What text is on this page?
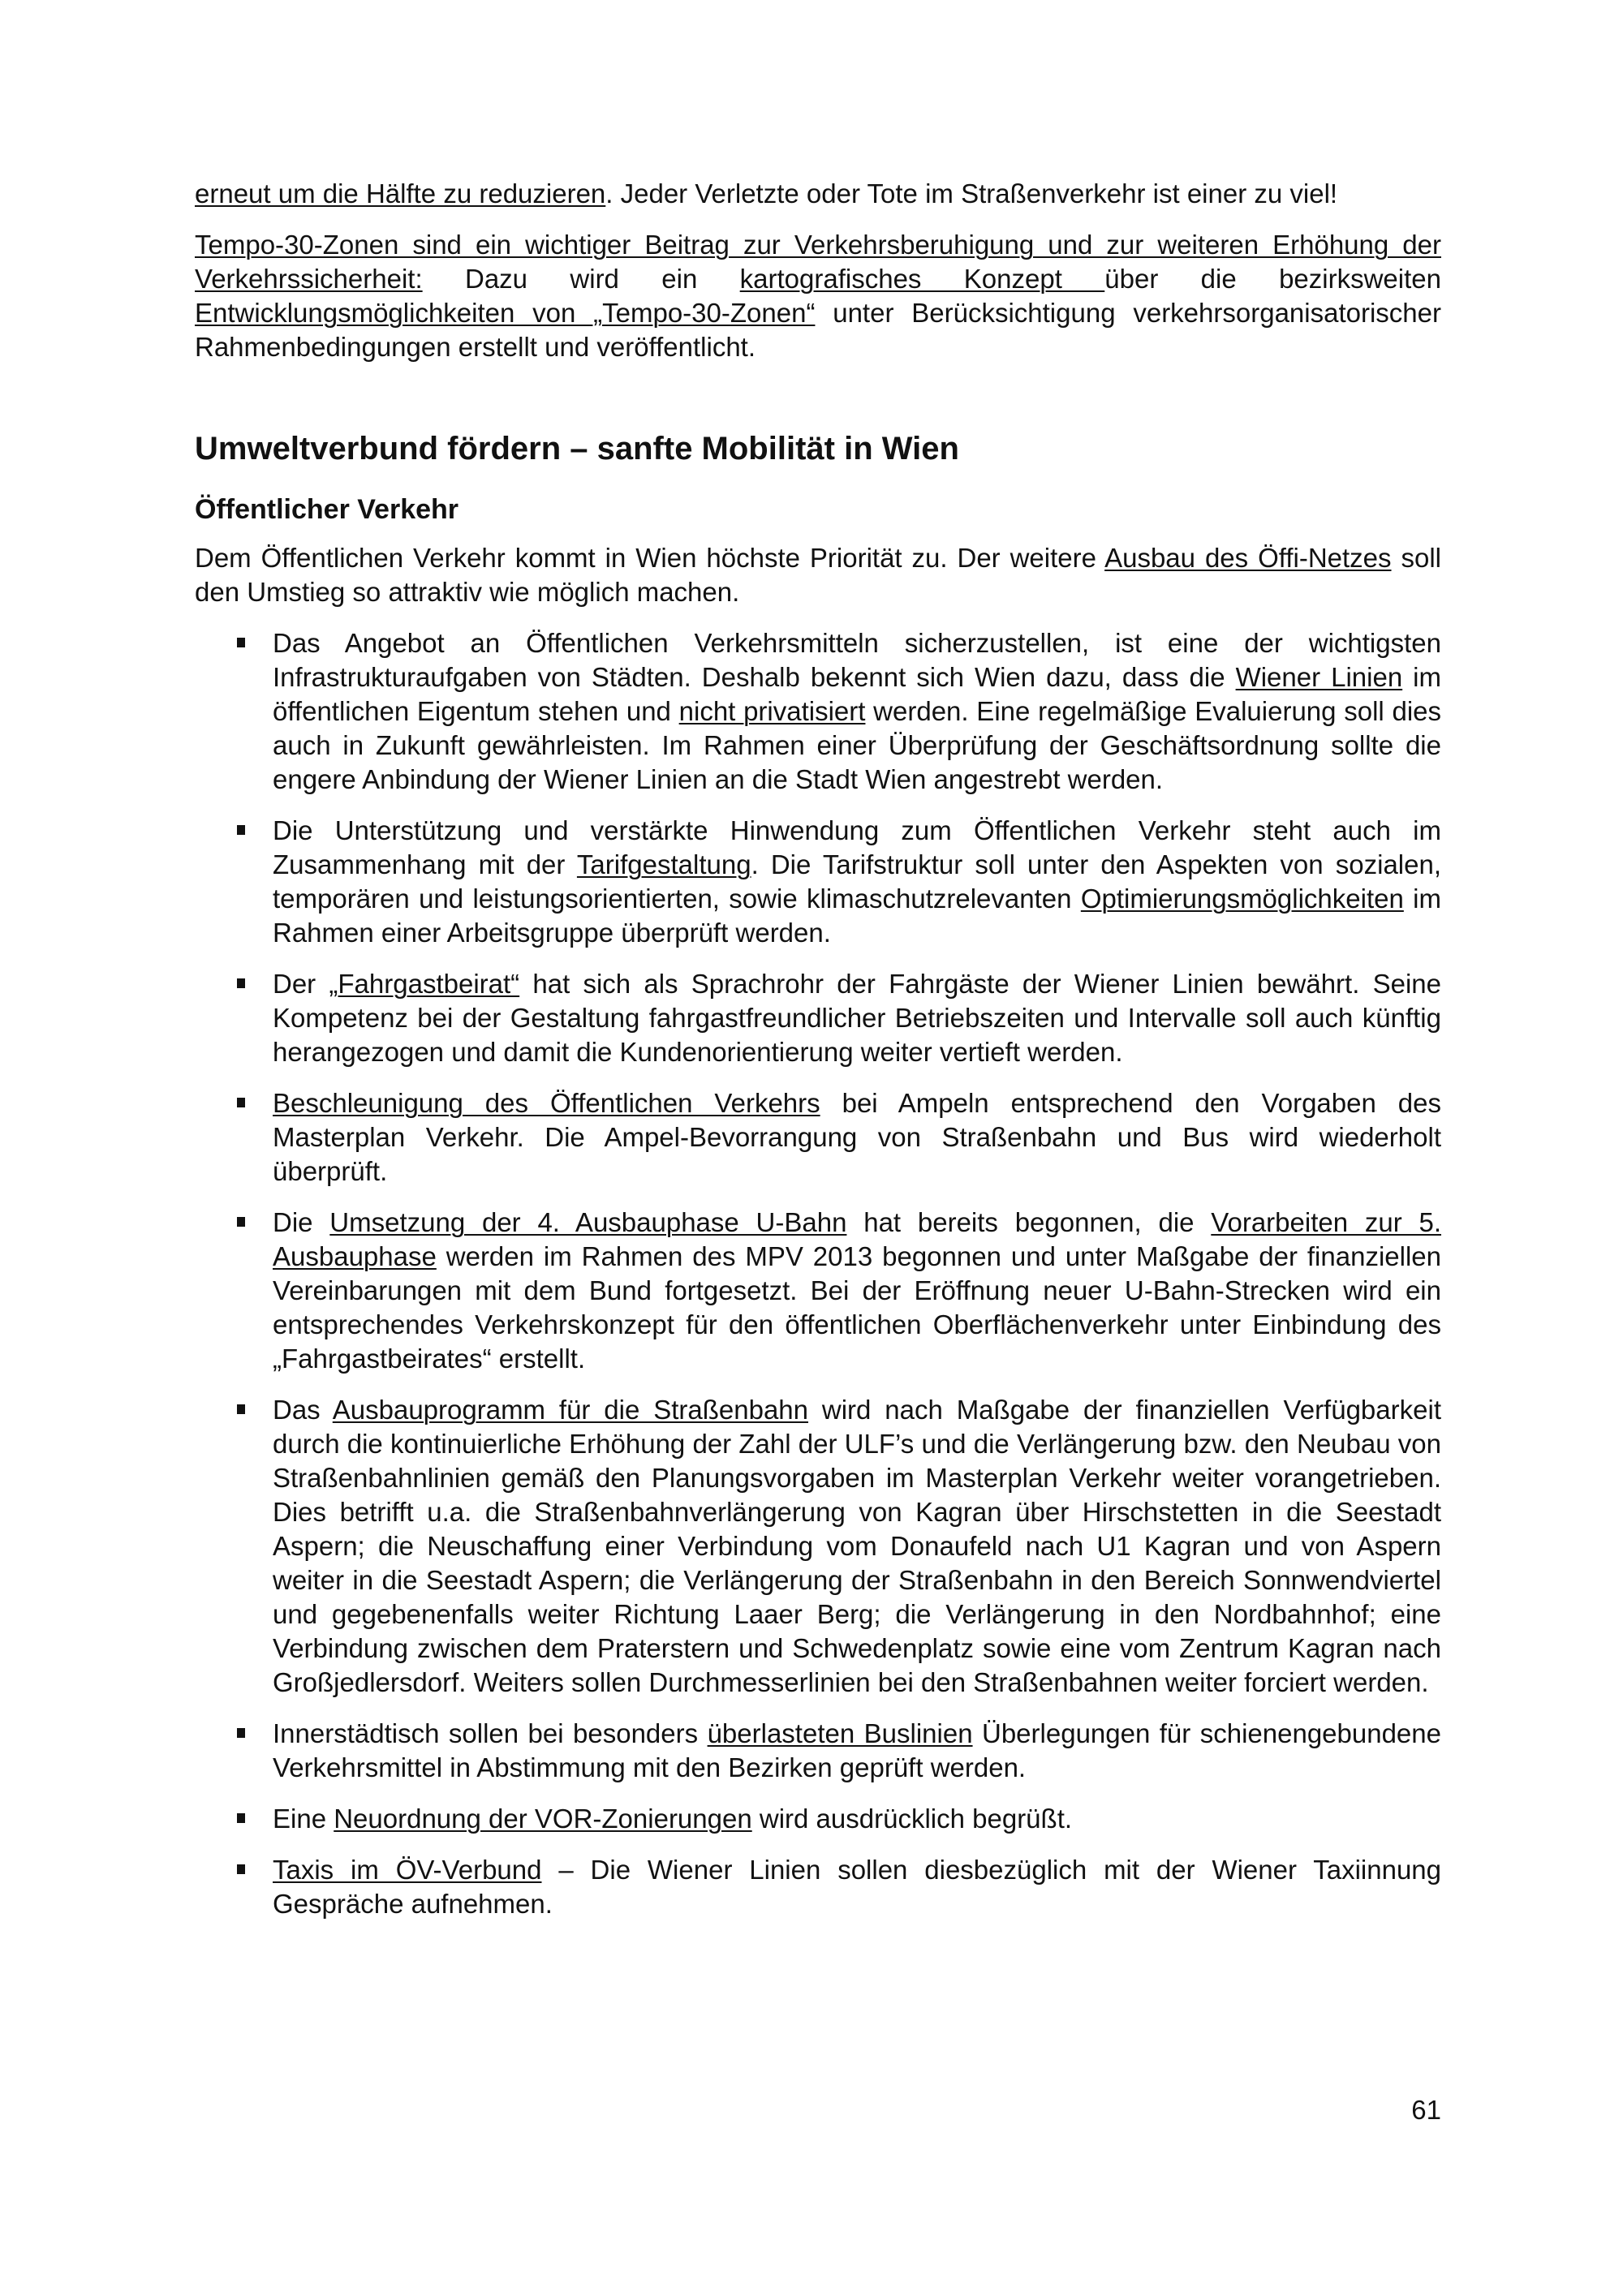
erneut um die Hälfte zu reduzieren. Jeder Verletzte oder Tote im Straßenverkehr ist einer zu viel!

Tempo-30-Zonen sind ein wichtiger Beitrag zur Verkehrsberuhigung und zur weiteren Erhöhung der Verkehrssicherheit: Dazu wird ein kartografisches Konzept über die bezirksweiten Entwicklungsmöglichkeiten von „Tempo-30-Zonen“ unter Berücksichtigung verkehrsorganisatorischer Rahmenbedingungen erstellt und veröffentlicht.

Umweltverbund fördern – sanfte Mobilität in Wien
Öffentlicher Verkehr

Dem Öffentlichen Verkehr kommt in Wien höchste Priorität zu. Der weitere Ausbau des Öffi-Netzes soll den Umstieg so attraktiv wie möglich machen.

Das Angebot an Öffentlichen Verkehrsmitteln sicherzustellen, ist eine der wichtigsten Infrastrukturaufgaben von Städten. Deshalb bekennt sich Wien dazu, dass die Wiener Linien im öffentlichen Eigentum stehen und nicht privatisiert werden. Eine regelmäßige Evaluierung soll dies auch in Zukunft gewährleisten. Im Rahmen einer Überprüfung der Geschäftsordnung sollte die engere Anbindung der Wiener Linien an die Stadt Wien angestrebt werden.
Die Unterstützung und verstärkte Hinwendung zum Öffentlichen Verkehr steht auch im Zusammenhang mit der Tarifgestaltung. Die Tarifstruktur soll unter den Aspekten von sozialen, temporären und leistungsorientierten, sowie klimaschutzrelevanten Optimierungsmöglichkeiten im Rahmen einer Arbeitsgruppe überprüft werden.
Der „Fahrgastbeirat“ hat sich als Sprachrohr der Fahrgäste der Wiener Linien bewährt. Seine Kompetenz bei der Gestaltung fahrgastfreundlicher Betriebszeiten und Intervalle soll auch künftig herangezogen und damit die Kundenorientierung weiter vertieft werden.
Beschleunigung des Öffentlichen Verkehrs bei Ampeln entsprechend den Vorgaben des Masterplan Verkehr. Die Ampel-Bevorrangung von Straßenbahn und Bus wird wiederholt überprüft.
Die Umsetzung der 4. Ausbauphase U-Bahn hat bereits begonnen, die Vorarbeiten zur 5. Ausbauphase werden im Rahmen des MPV 2013 begonnen und unter Maßgabe der finanziellen Vereinbarungen mit dem Bund fortgesetzt. Bei der Eröffnung neuer U-Bahn-Strecken wird ein entsprechendes Verkehrskonzept für den öffentlichen Oberflächenverkehr unter Einbindung des „Fahrgastbeirates“ erstellt.
Das Ausbauprogramm für die Straßenbahn wird nach Maßgabe der finanziellen Verfügbarkeit durch die kontinuierliche Erhöhung der Zahl der ULF’s und die Verlängerung bzw. den Neubau von Straßenbahnlinien gemäß den Planungsvorgaben im Masterplan Verkehr weiter vorangetrieben. Dies betrifft u.a. die Straßenbahnverlängerung von Kagran über Hirschstetten in die Seestadt Aspern; die Neuschaffung einer Verbindung vom Donaufeld nach U1 Kagran und von Aspern weiter in die Seestadt Aspern; die Verlängerung der Straßenbahn in den Bereich Sonnwendviertel und gegebenenfalls weiter Richtung Laaer Berg; die Verlängerung in den Nordbahnhof; eine Verbindung zwischen dem Praterstern und Schwedenplatz sowie eine vom Zentrum Kagran nach Großjedlersdorf. Weiters sollen Durchmesserlinien bei den Straßenbahnen weiter forciert werden.
Innerstädtisch sollen bei besonders überlasteten Buslinien Überlegungen für schienengebundene Verkehrsmittel in Abstimmung mit den Bezirken geprüft werden.
Eine Neuordnung der VOR-Zonierungen wird ausdrücklich begrüßt.
Taxis im ÖV-Verbund – Die Wiener Linien sollen diesbezüglich mit der Wiener Taxiinnung Gespräche aufnehmen.
61
